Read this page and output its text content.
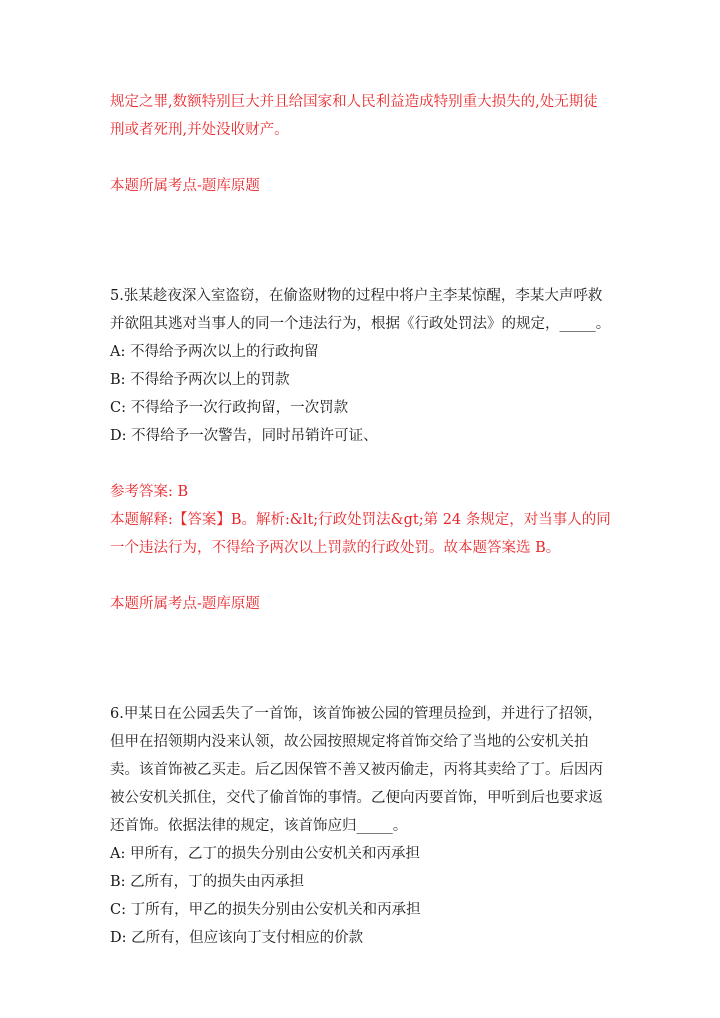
规定之罪,数额特别巨大并且给国家和人民利益造成特别重大损失的,处无期徒

刑或者死刑,并处没收财产。

本题所属考点-题库原题

5.张某趁夜深入室盗窃，在偷盗财物的过程中将户主李某惊醒，李某大声呼救

并欲阻其逃对当事人的同一个违法行为，根据《行政处罚法》的规定，_____。

A: 不得给予两次以上的行政拘留

B: 不得给予两次以上的罚款

C: 不得给予一次行政拘留，一次罚款

D: 不得给予一次警告，同时吊销许可证、

参考答案: B

本题解释:【答案】B。解析:&lt;行政处罚法&gt;第 24 条规定，对当事人的同

一个违法行为，不得给予两次以上罚款的行政处罚。故本题答案选 B。

本题所属考点-题库原题

6.甲某日在公园丢失了一首饰，该首饰被公园的管理员捡到，并进行了招领，

但甲在招领期内没来认领，故公园按照规定将首饰交给了当地的公安机关拍

卖。该首饰被乙买走。后乙因保管不善又被丙偷走，丙将其卖给了丁。后因丙

被公安机关抓住，交代了偷首饰的事情。乙便向丙要首饰，甲听到后也要求返

还首饰。依据法律的规定，该首饰应归_____。

A: 甲所有，乙丁的损失分别由公安机关和丙承担

B: 乙所有，丁的损失由丙承担

C: 丁所有，甲乙的损失分别由公安机关和丙承担

D: 乙所有，但应该向丁支付相应的价款
